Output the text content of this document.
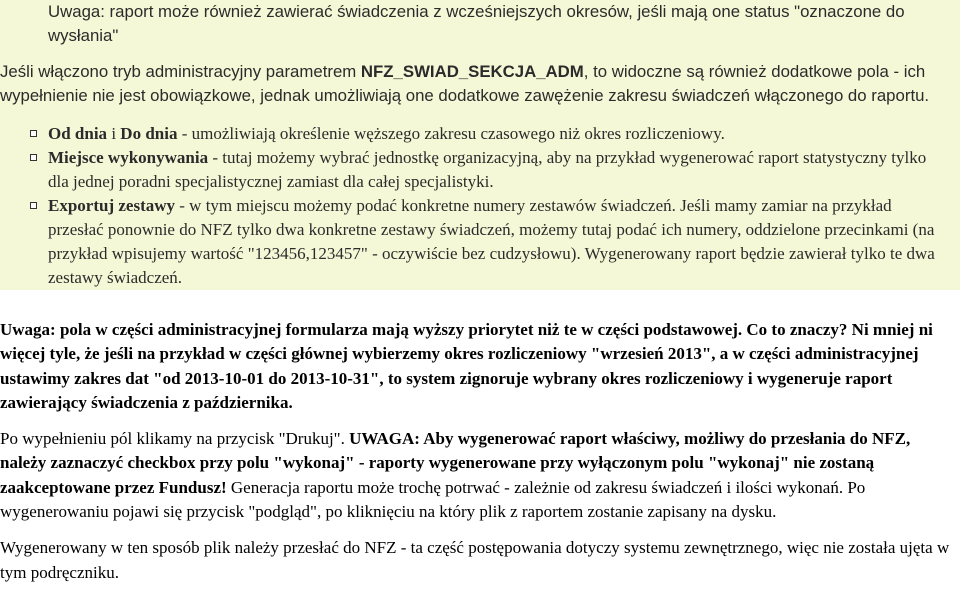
Uwaga: raport może również zawierać świadczenia z wcześniejszych okresów, jeśli mają one status "oznaczone do wysłania"

Jeśli włączono tryb administracyjny parametrem NFZ_SWIAD_SEKCJA_ADM, to widoczne są również dodatkowe pola - ich wypełnienie nie jest obowiązkowe, jednak umożliwiają one dodatkowe zawężenie zakresu świadczeń włączonego do raportu.

Od dnia i Do dnia - umożliwiają określenie węższego zakresu czasowego niż okres rozliczeniowy.
Miejsce wykonywania - tutaj możemy wybrać jednostkę organizacyjną, aby na przykład wygenerować raport statystyczny tylko dla jednej poradni specjalistycznej zamiast dla całej specjalistyki.
Exportuj zestawy - w tym miejscu możemy podać konkretne numery zestawów świadczeń. Jeśli mamy zamiar na przykład przesłać ponownie do NFZ tylko dwa konkretne zestawy świadczeń, możemy tutaj podać ich numery, oddzielone przecinkami (na przykład wpisujemy wartość "123456,123457" - oczywiście bez cudzysłowu). Wygenerowany raport będzie zawierał tylko te dwa zestawy świadczeń.

Uwaga: pola w części administracyjnej formularza mają wyższy priorytet niż te w części podstawowej. Co to znaczy? Ni mniej ni więcej tyle, że jeśli na przykład w części głównej wybierzemy okres rozliczeniowy "wrzesień 2013", a w części administracyjnej ustawimy zakres dat "od 2013-10-01 do 2013-10-31", to system zignoruje wybrany okres rozliczeniowy i wygeneruje raport zawierający świadczenia z października.

Po wypełnieniu pól klikamy na przycisk "Drukuj". UWAGA: Aby wygenerować raport właściwy, możliwy do przesłania do NFZ, należy zaznaczyć checkbox przy polu "wykonaj" - raporty wygenerowane przy wyłączonym polu "wykonaj" nie zostaną zaakceptowane przez Fundusz! Generacja raportu może trochę potrwać - zależnie od zakresu świadczeń i ilości wykonań. Po wygenerowaniu pojawi się przycisk "podgląd", po kliknięciu na który plik z raportem zostanie zapisany na dysku.

Wygenerowany w ten sposób plik należy przesłać do NFZ - ta część postępowania dotyczy systemu zewnętrznego, więc nie została ujęta w tym podręczniku.
